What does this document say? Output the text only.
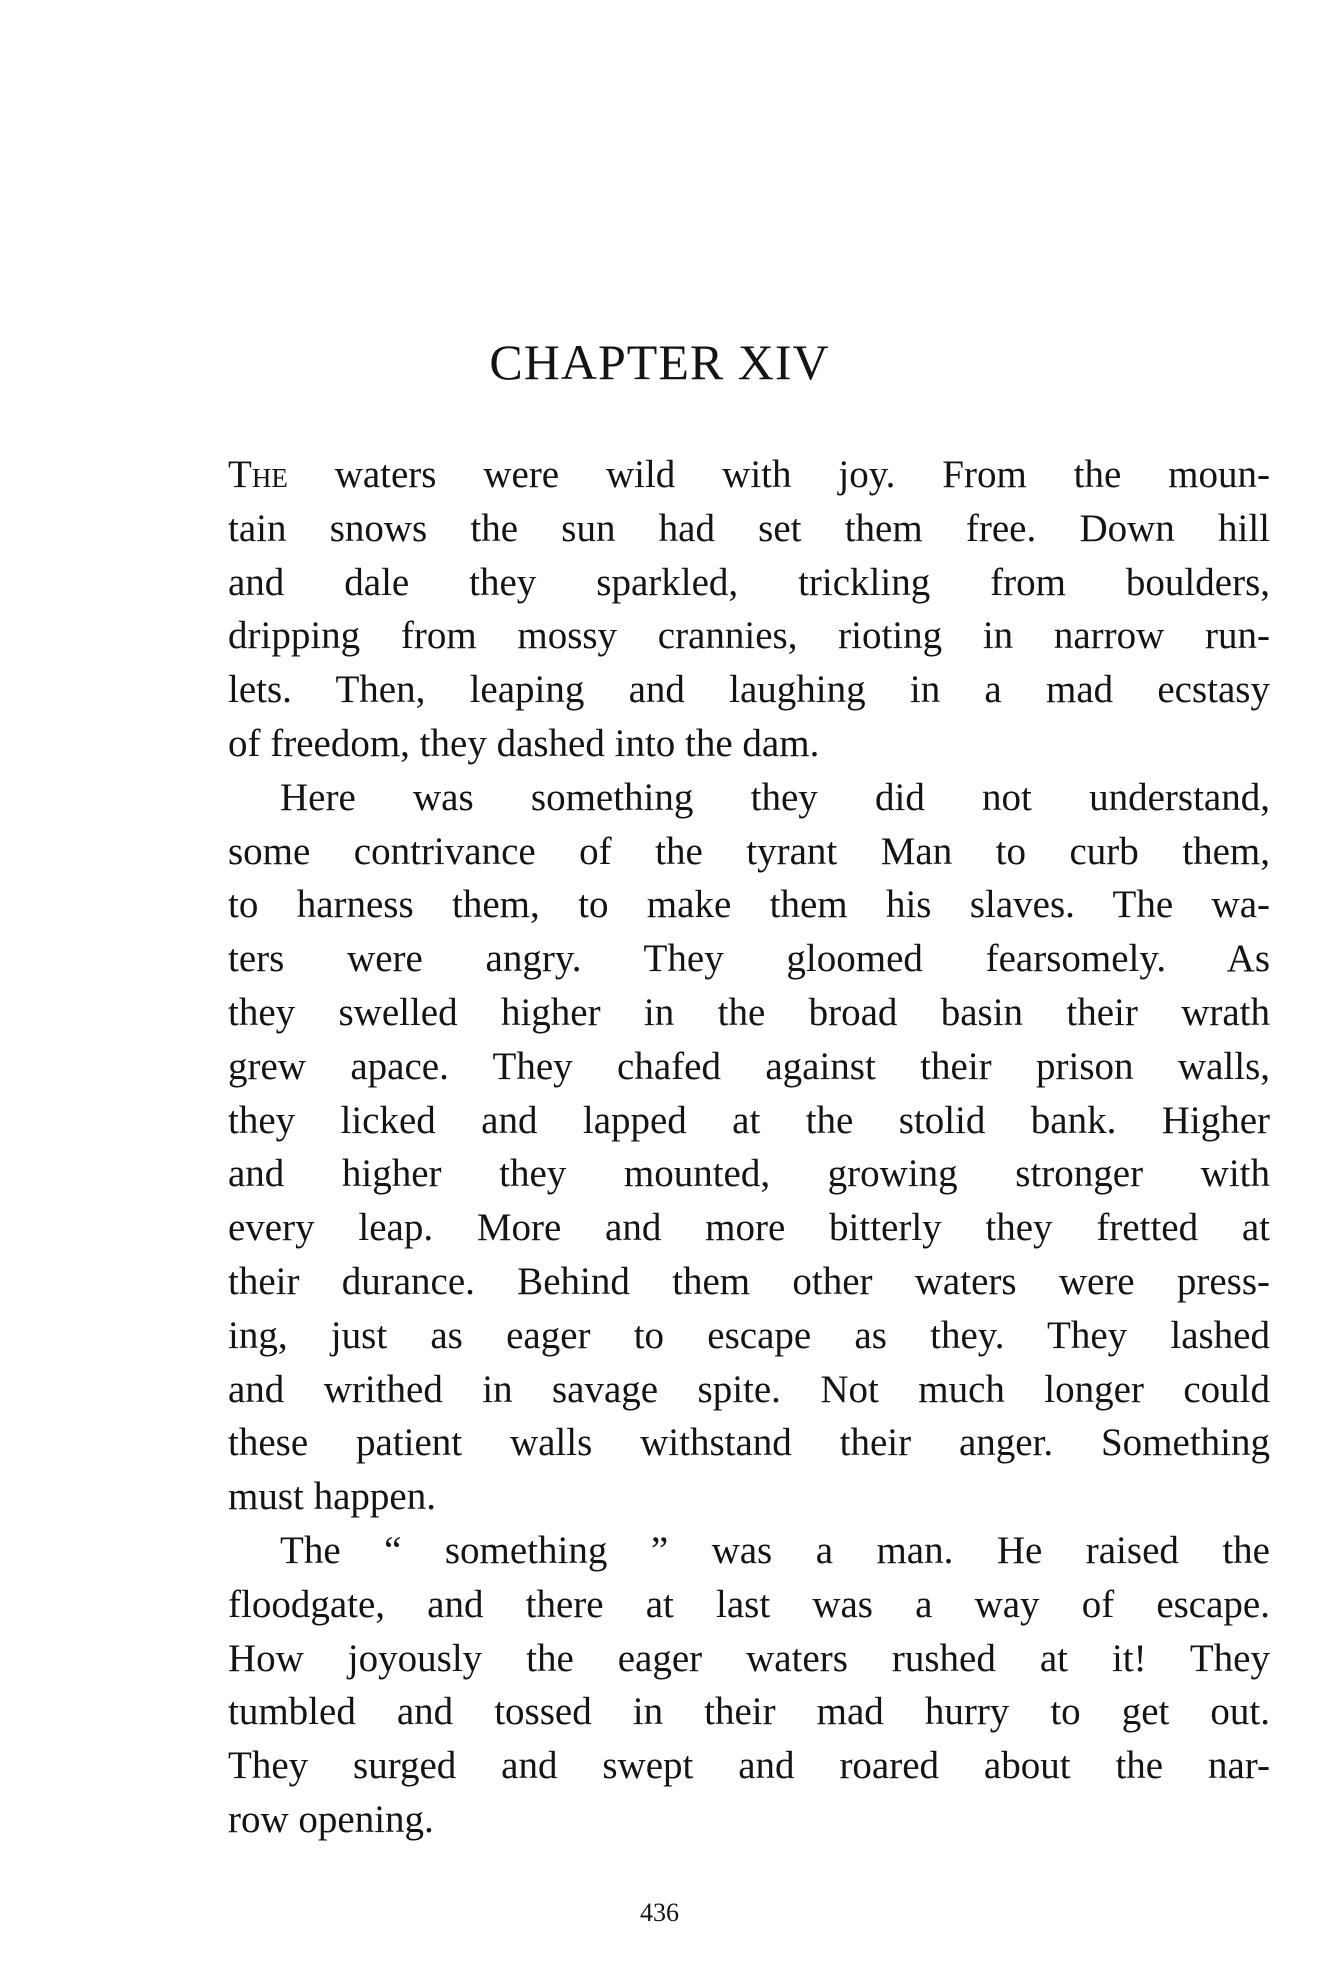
CHAPTER XIV

The waters were wild with joy. From the moun-
tain snows the sun had set them free. Down hill
and dale they sparkled, trickling from boulders,
dripping from mossy crannies, rioting in narrow run-
lets. Then, leaping and laughing in a mad ecstasy
of freedom, they dashed into the dam.

Here was something they did not understand,
some contrivance of the tyrant Man to curb them,
to harness them, to make them his slaves. The wa-
ters were angry. They gloomed fearsomely. As
they swelled higher in the broad basin their wrath
grew apace. They chafed against their prison walls,
they licked and lapped at the stolid bank. Higher
and higher they mounted, growing stronger with
every leap. More and more bitterly they fretted at
their durance. Behind them other waters were press-
ing, just as eager to escape as they. They lashed
and writhed in savage spite. Not much longer could
these patient walls withstand their anger. Something
must happen.

The “ something ” was a man. He raised the
floodgate, and there at last was a way of escape.
How joyously the eager waters rushed at it! They
tumbled and tossed in their mad hurry to get out.
They surged and swept and roared about the nar-
row opening.

436
